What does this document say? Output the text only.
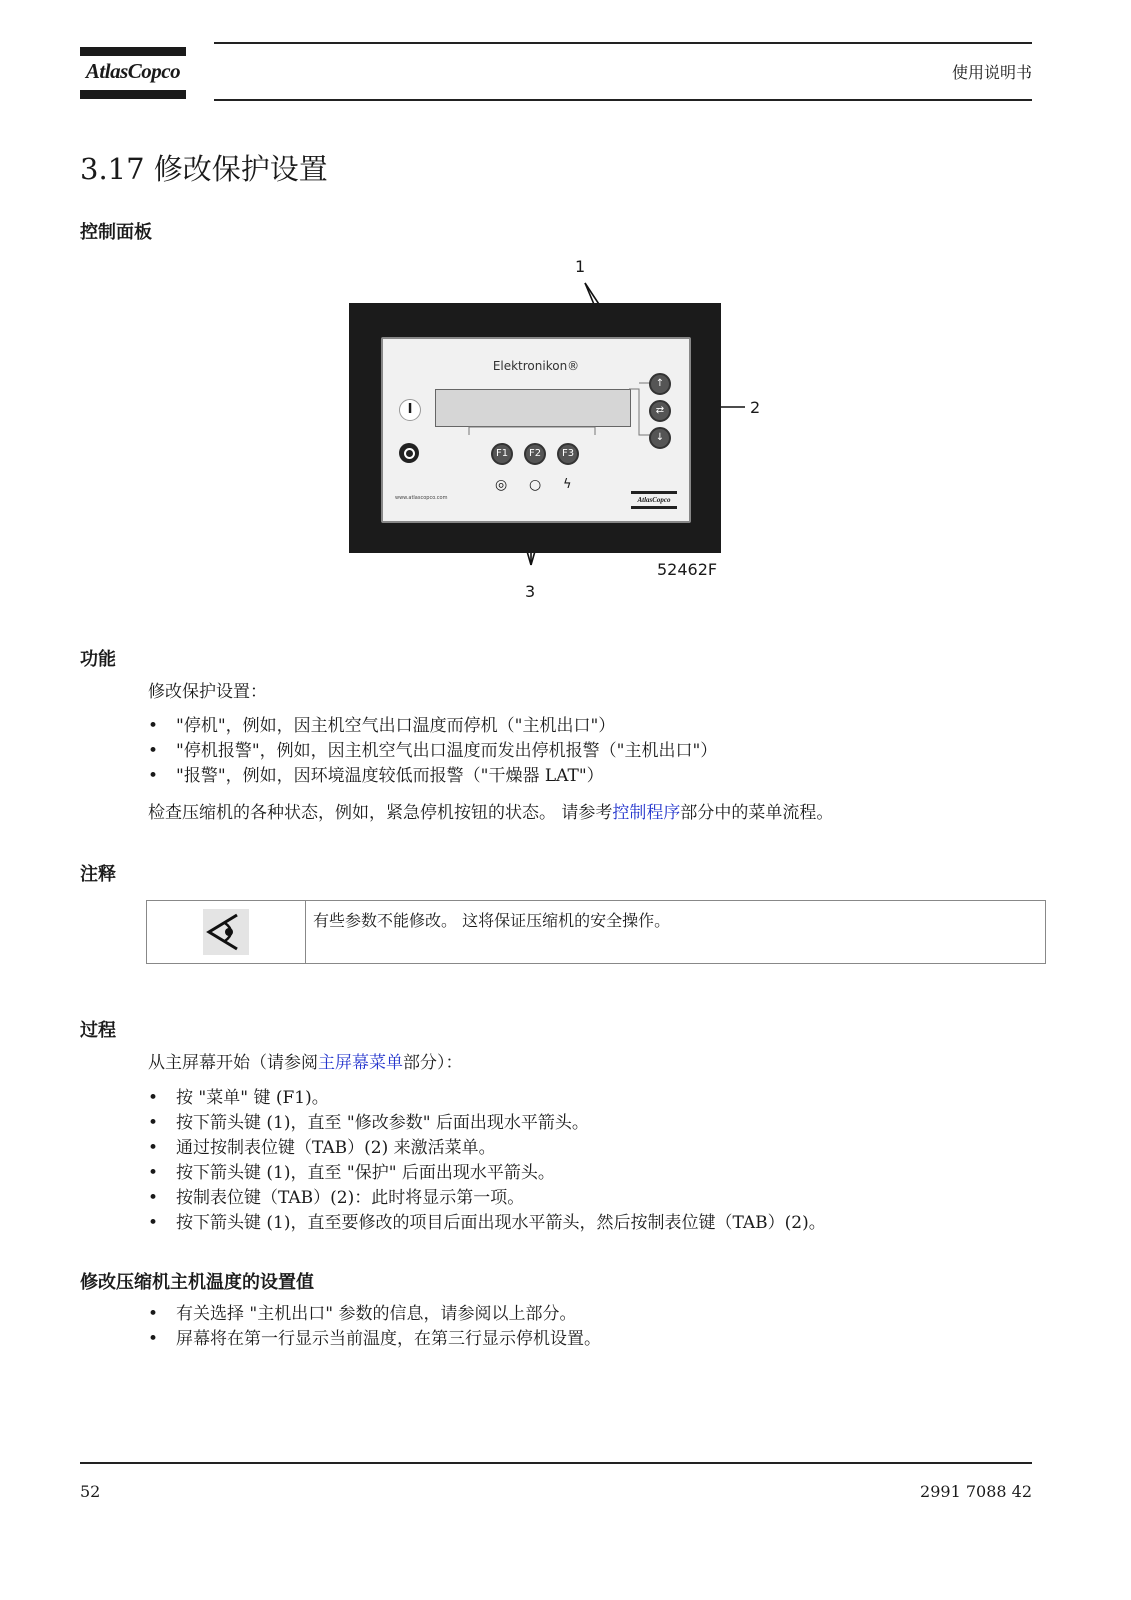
AtlasCopco	使用说明书
3.17 修改保护设置
控制面板
Elektronikon®
I
F1	F2	F3
↑
⇄
↓
◎ ○ ϟ
www.atlascopco.com	AtlasCopco
1
2
3
52462F
功能
修改保护设置：
• "停机"，例如，因主机空气出口温度而停机（"主机出口"）
• "停机报警"，例如，因主机空气出口温度而发出停机报警（"主机出口"）
• "报警"，例如，因环境温度较低而报警（"干燥器 LAT"）
检查压缩机的各种状态，例如，紧急停机按钮的状态。 请参考控制程序部分中的菜单流程。
注释
有些参数不能修改。 这将保证压缩机的安全操作。
过程
从主屏幕开始（请参阅主屏幕菜单部分）：
• 按 "菜单" 键 (F1)。
• 按下箭头键 (1)，直至 "修改参数" 后面出现水平箭头。
• 通过按制表位键（TAB）(2) 来激活菜单。
• 按下箭头键 (1)，直至 "保护" 后面出现水平箭头。
• 按制表位键（TAB）(2)：此时将显示第一项。
• 按下箭头键 (1)，直至要修改的项目后面出现水平箭头，然后按制表位键（TAB）(2)。
修改压缩机主机温度的设置值
• 有关选择 "主机出口" 参数的信息，请参阅以上部分。
• 屏幕将在第一行显示当前温度，在第三行显示停机设置。
52	2991 7088 42
